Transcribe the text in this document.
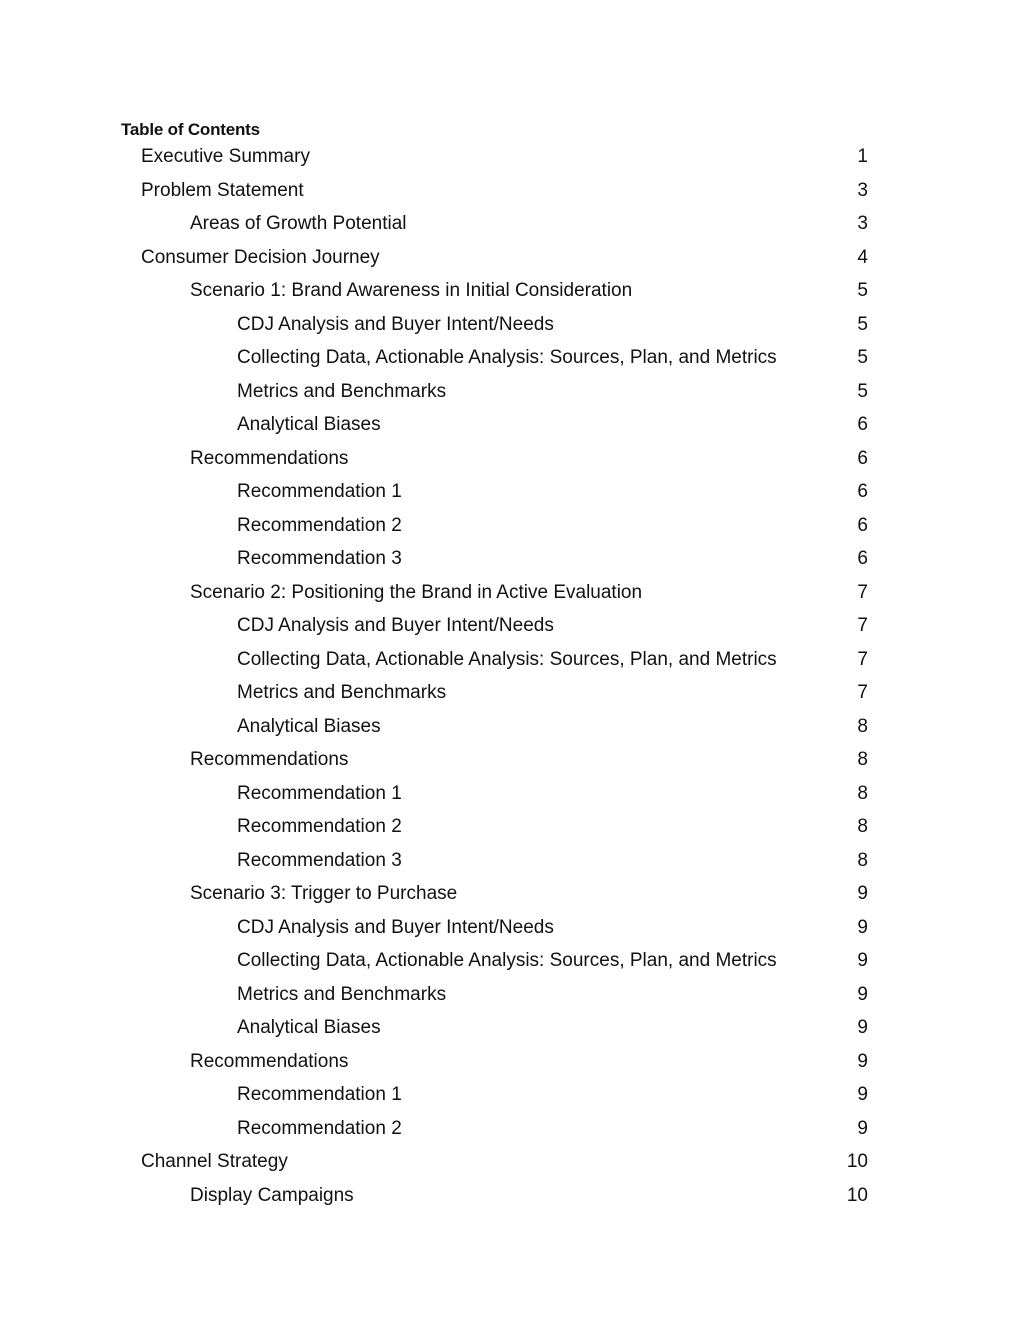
Table of Contents
Executive Summary	1
Problem Statement	3
Areas of Growth Potential	3
Consumer Decision Journey	4
Scenario 1: Brand Awareness in Initial Consideration	5
CDJ Analysis and Buyer Intent/Needs	5
Collecting Data, Actionable Analysis: Sources, Plan, and Metrics	5
Metrics and Benchmarks	5
Analytical Biases	6
Recommendations	6
Recommendation 1	6
Recommendation 2	6
Recommendation 3	6
Scenario 2: Positioning the Brand in Active Evaluation	7
CDJ Analysis and Buyer Intent/Needs	7
Collecting Data, Actionable Analysis: Sources, Plan, and Metrics	7
Metrics and Benchmarks	7
Analytical Biases	8
Recommendations	8
Recommendation 1	8
Recommendation 2	8
Recommendation 3	8
Scenario 3: Trigger to Purchase	9
CDJ Analysis and Buyer Intent/Needs	9
Collecting Data, Actionable Analysis: Sources, Plan, and Metrics	9
Metrics and Benchmarks	9
Analytical Biases	9
Recommendations	9
Recommendation 1	9
Recommendation 2	9
Channel Strategy	10
Display Campaigns	10
